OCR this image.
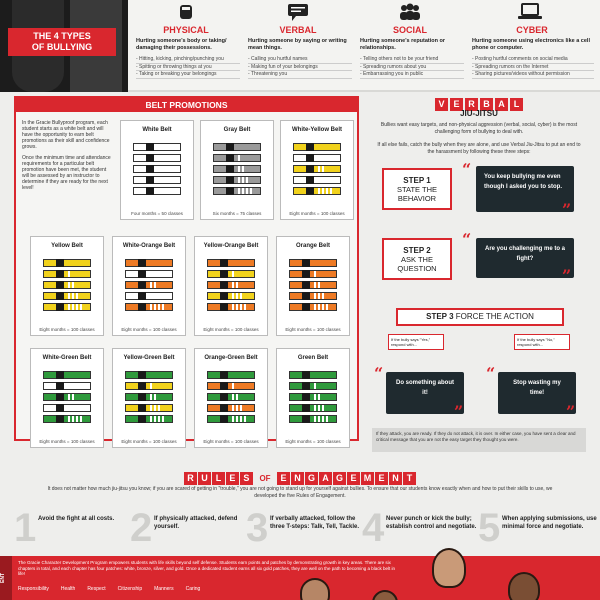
THE 4 TYPES
OF BULLYING
PHYSICAL
Hurting someone's body or taking/ damaging their possessions.
- Hitting, kicking, pinching/punching you
- Spitting or throwing things at you
- Taking or breaking your belongings
VERBAL
Hurting someone by saying or writing mean things.
- Calling you hurtful names
- Making fun of your belongings
- Threatening you
SOCIAL
Hurting someone's reputation or relationships.
- Telling others not to be your friend
- Spreading rumors about you
- Embarrassing you in public
CYBER
Hurting someone using electronics like a cell phone or computer.
- Posting hurtful comments on social media
- Spreading rumors on the Internet
- Sharing pictures/videos without permission
BELT PROMOTIONS

In the Gracie Bullyproof program, each student starts as a white belt and will have the opportunity to earn belt promotions as their skill and confidence grows.

Once the minimum time and attendance requirements for a particular belt promotion have been met, the student will be assessed by an instructor to determine if they are ready for the next level!

White Belt
Four months = 50 classes
Gray Belt
Six months = 75 classes
White-Yellow Belt
Eight months = 100 classes
Yellow Belt
Eight months = 100 classes
White-Orange Belt
Eight months = 100 classes
Yellow-Orange Belt
Eight months = 100 classes
Orange Belt
Eight months = 100 classes
White-Green Belt
Eight months = 100 classes
Yellow-Green Belt
Eight months = 100 classes
Orange-Green Belt
Eight months = 100 classes
Green Belt
Eight months = 100 classes
V E R B A L
JIU-JITSU
Bullies want easy targets, and non-physical aggression (verbal, social, cyber) is the most challenging form of bullying to deal with.
If all else fails, catch the bully when they are alone, and use Verbal Jiu-Jitsu to put an end to the harassment by following these three steps:
STEP 1
STATE THE BEHAVIOR
“	You keep bullying me even though I asked you to stop.
”
STEP 2
ASK THE QUESTION
“	Are you challenging me to a fight?
”
STEP 3 FORCE THE ACTION
If the bully says "Yes," respond with...
If the bully says "No," respond with...
“	Do something about it!
”
“	Stop wasting my time!
”
If they attack, you are ready. If they do not attack, it is over. In either case, you have sent a clear and critical message that you are not the easy target they thought you were.
R U L E S OF E N G A G E M E N T
It does not matter how much jiu-jitsu you know; if you are scared of getting in "trouble," you are not going to stand up for yourself against bullies. To ensure that our students know exactly when and how to put their skills to use, we developed the five Rules of Engagement.
1 Avoid the fight at all costs. 2 If physically attacked, defend yourself.	3 If verbally attacked, follow the three T-steps: Talk, Tell, Tackle. 4 Never punch or kick the bully; establish control and negotiate. 5 When applying submissions, use minimal force and negotiate.
ENT
The Gracie Character Development Program empowers students with life skills beyond self defense. Students earn points and patches by demonstrating growth in key areas. There are six chapters in total, and each chapter has four patches: white, bronze, silver, and gold. Once a dedicated student earns all six gold patches, they are well on the path to becoming a black belt in life!
Responsibility Health Respect Citizenship Manners Caring
